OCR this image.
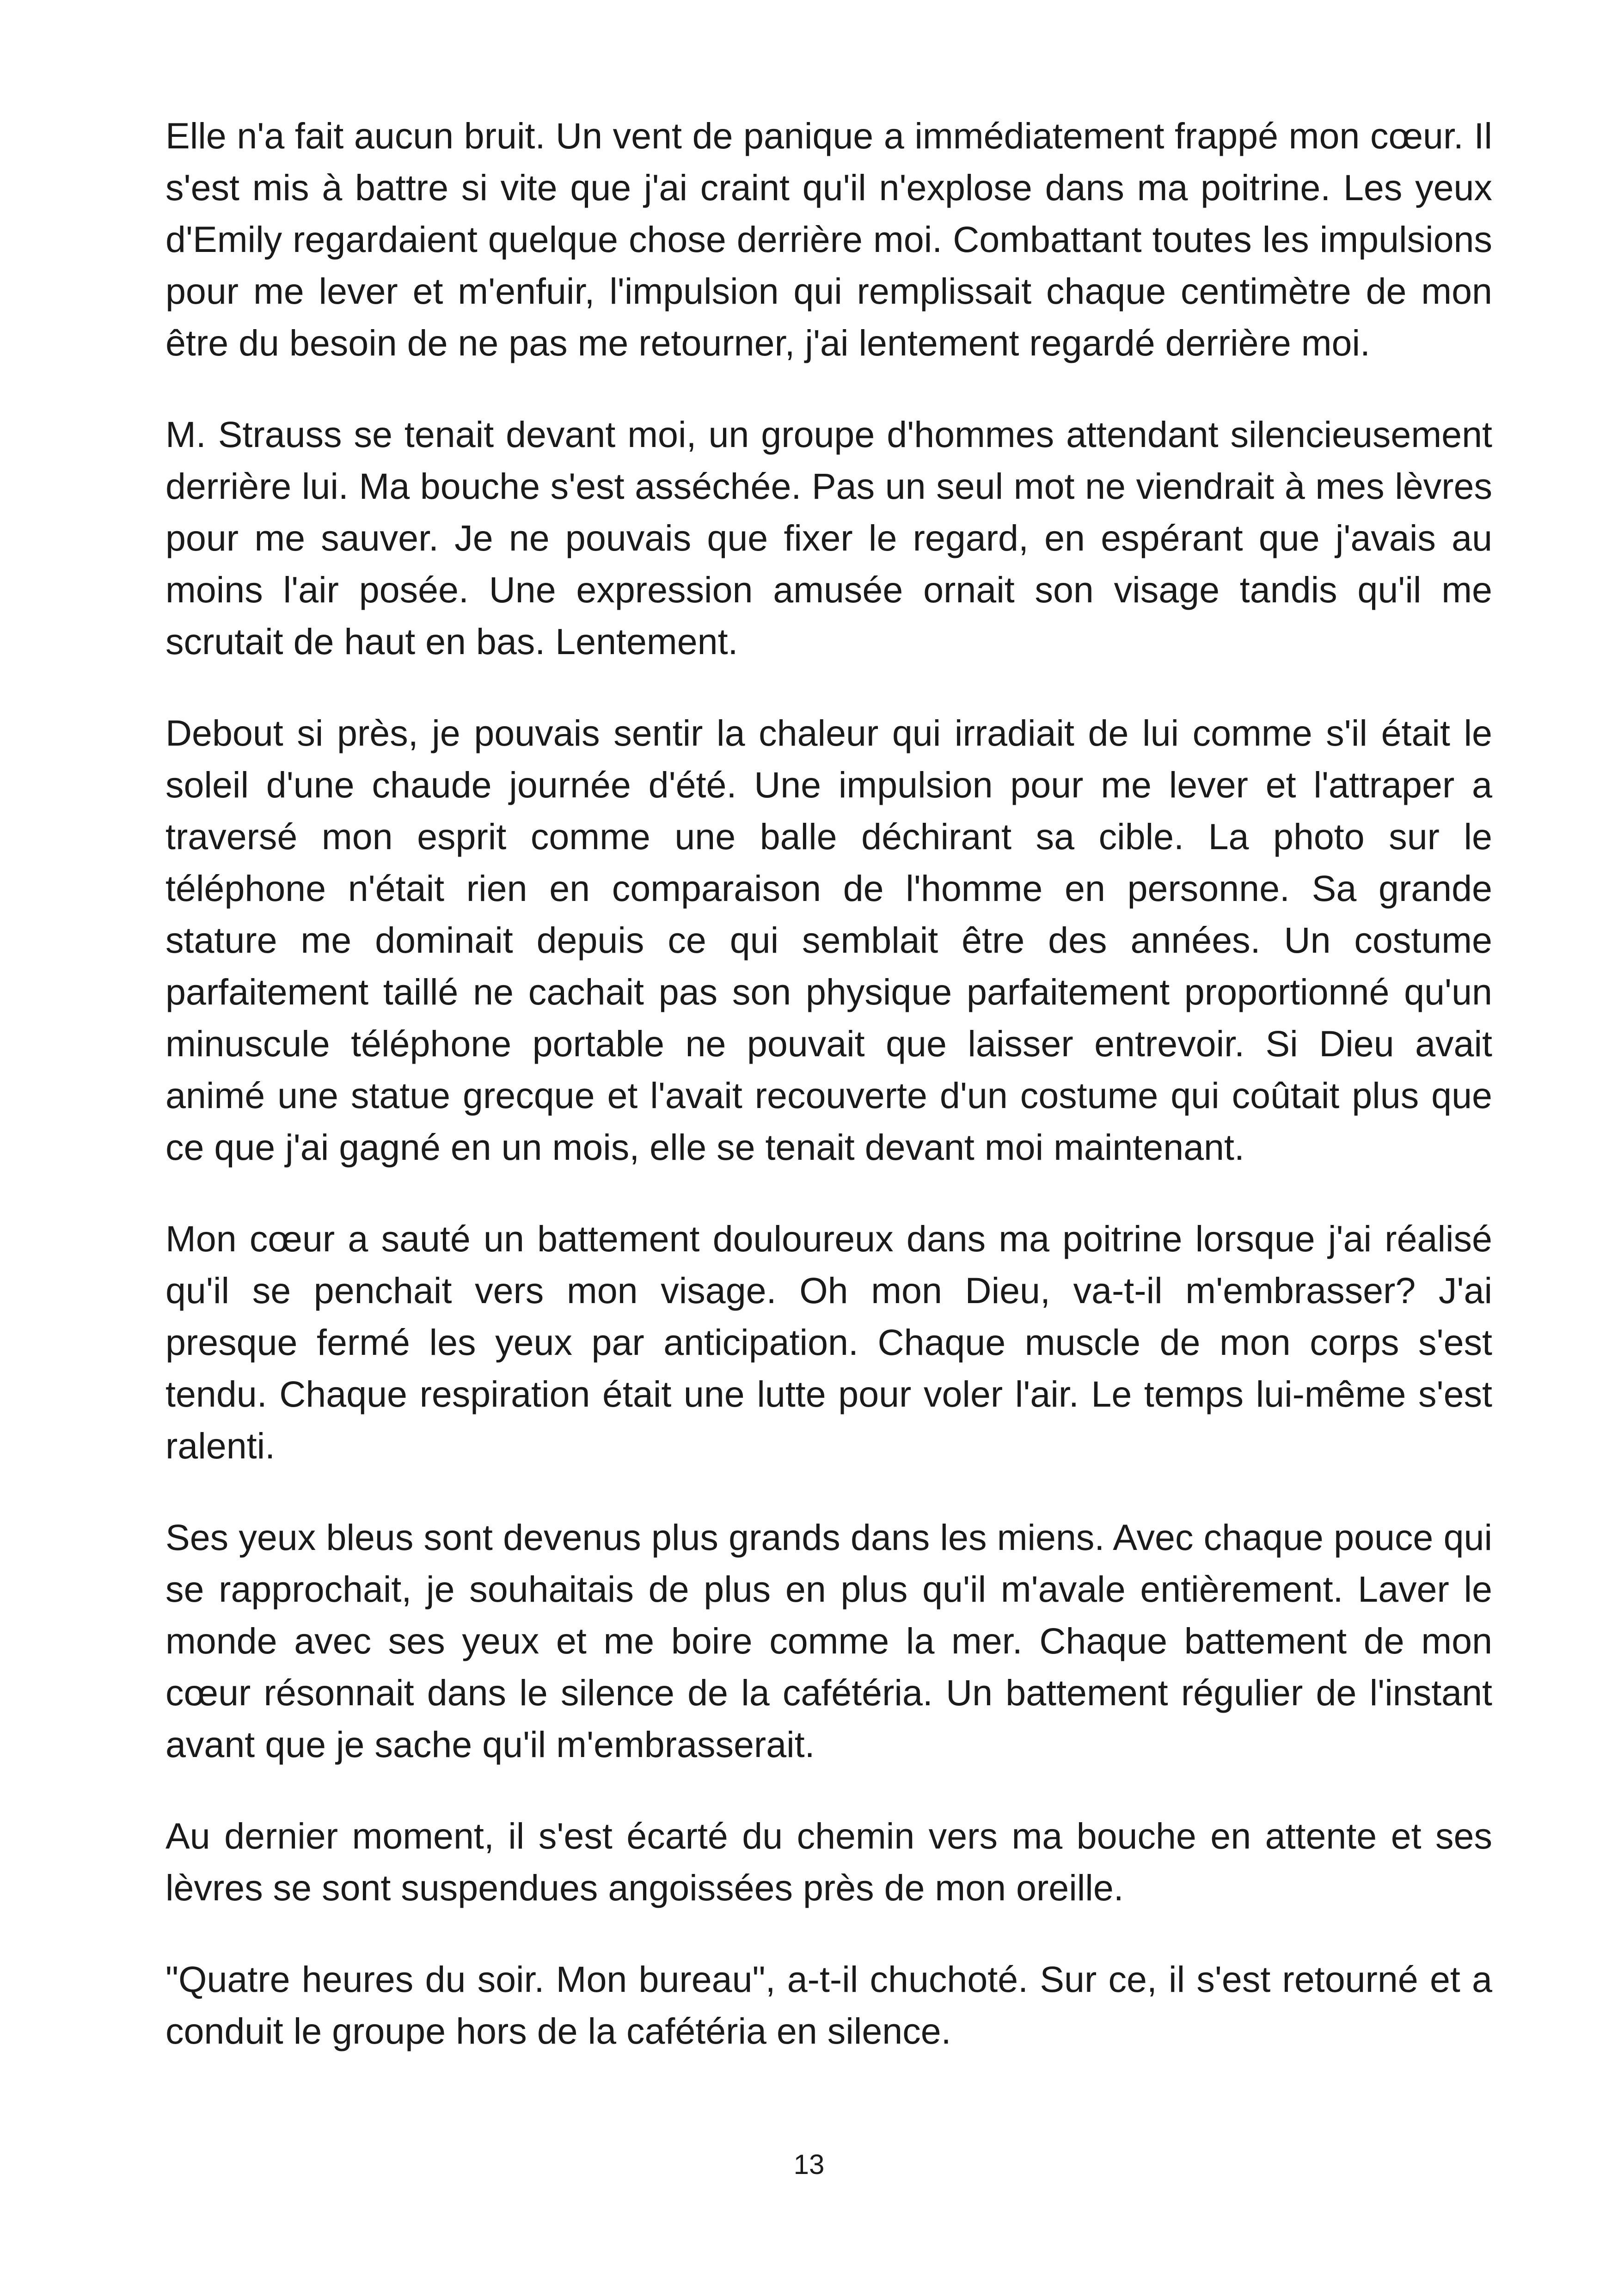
Elle n'a fait aucun bruit. Un vent de panique a immédiatement frappé mon cœur. Il s'est mis à battre si vite que j'ai craint qu'il n'explose dans ma poitrine. Les yeux d'Emily regardaient quelque chose derrière moi. Combattant toutes les impulsions pour me lever et m'enfuir, l'impulsion qui remplissait chaque centimètre de mon être du besoin de ne pas me retourner, j'ai lentement regardé derrière moi.

M. Strauss se tenait devant moi, un groupe d'hommes attendant silencieusement derrière lui. Ma bouche s'est asséchée. Pas un seul mot ne viendrait à mes lèvres pour me sauver. Je ne pouvais que fixer le regard, en espérant que j'avais au moins l'air posée. Une expression amusée ornait son visage tandis qu'il me scrutait de haut en bas. Lentement.

Debout si près, je pouvais sentir la chaleur qui irradiait de lui comme s'il était le soleil d'une chaude journée d'été. Une impulsion pour me lever et l'attraper a traversé mon esprit comme une balle déchirant sa cible. La photo sur le téléphone n'était rien en comparaison de l'homme en personne. Sa grande stature me dominait depuis ce qui semblait être des années. Un costume parfaitement taillé ne cachait pas son physique parfaitement proportionné qu'un minuscule téléphone portable ne pouvait que laisser entrevoir. Si Dieu avait animé une statue grecque et l'avait recouverte d'un costume qui coûtait plus que ce que j'ai gagné en un mois, elle se tenait devant moi maintenant.

Mon cœur a sauté un battement douloureux dans ma poitrine lorsque j'ai réalisé qu'il se penchait vers mon visage. Oh mon Dieu, va-t-il m'embrasser? J'ai presque fermé les yeux par anticipation. Chaque muscle de mon corps s'est tendu. Chaque respiration était une lutte pour voler l'air. Le temps lui-même s'est ralenti.

Ses yeux bleus sont devenus plus grands dans les miens. Avec chaque pouce qui se rapprochait, je souhaitais de plus en plus qu'il m'avale entièrement. Laver le monde avec ses yeux et me boire comme la mer. Chaque battement de mon cœur résonnait dans le silence de la cafétéria. Un battement régulier de l'instant avant que je sache qu'il m'embrasserait.

Au dernier moment, il s'est écarté du chemin vers ma bouche en attente et ses lèvres se sont suspendues angoissées près de mon oreille.

"Quatre heures du soir. Mon bureau", a-t-il chuchoté. Sur ce, il s'est retourné et a conduit le groupe hors de la cafétéria en silence.

13
